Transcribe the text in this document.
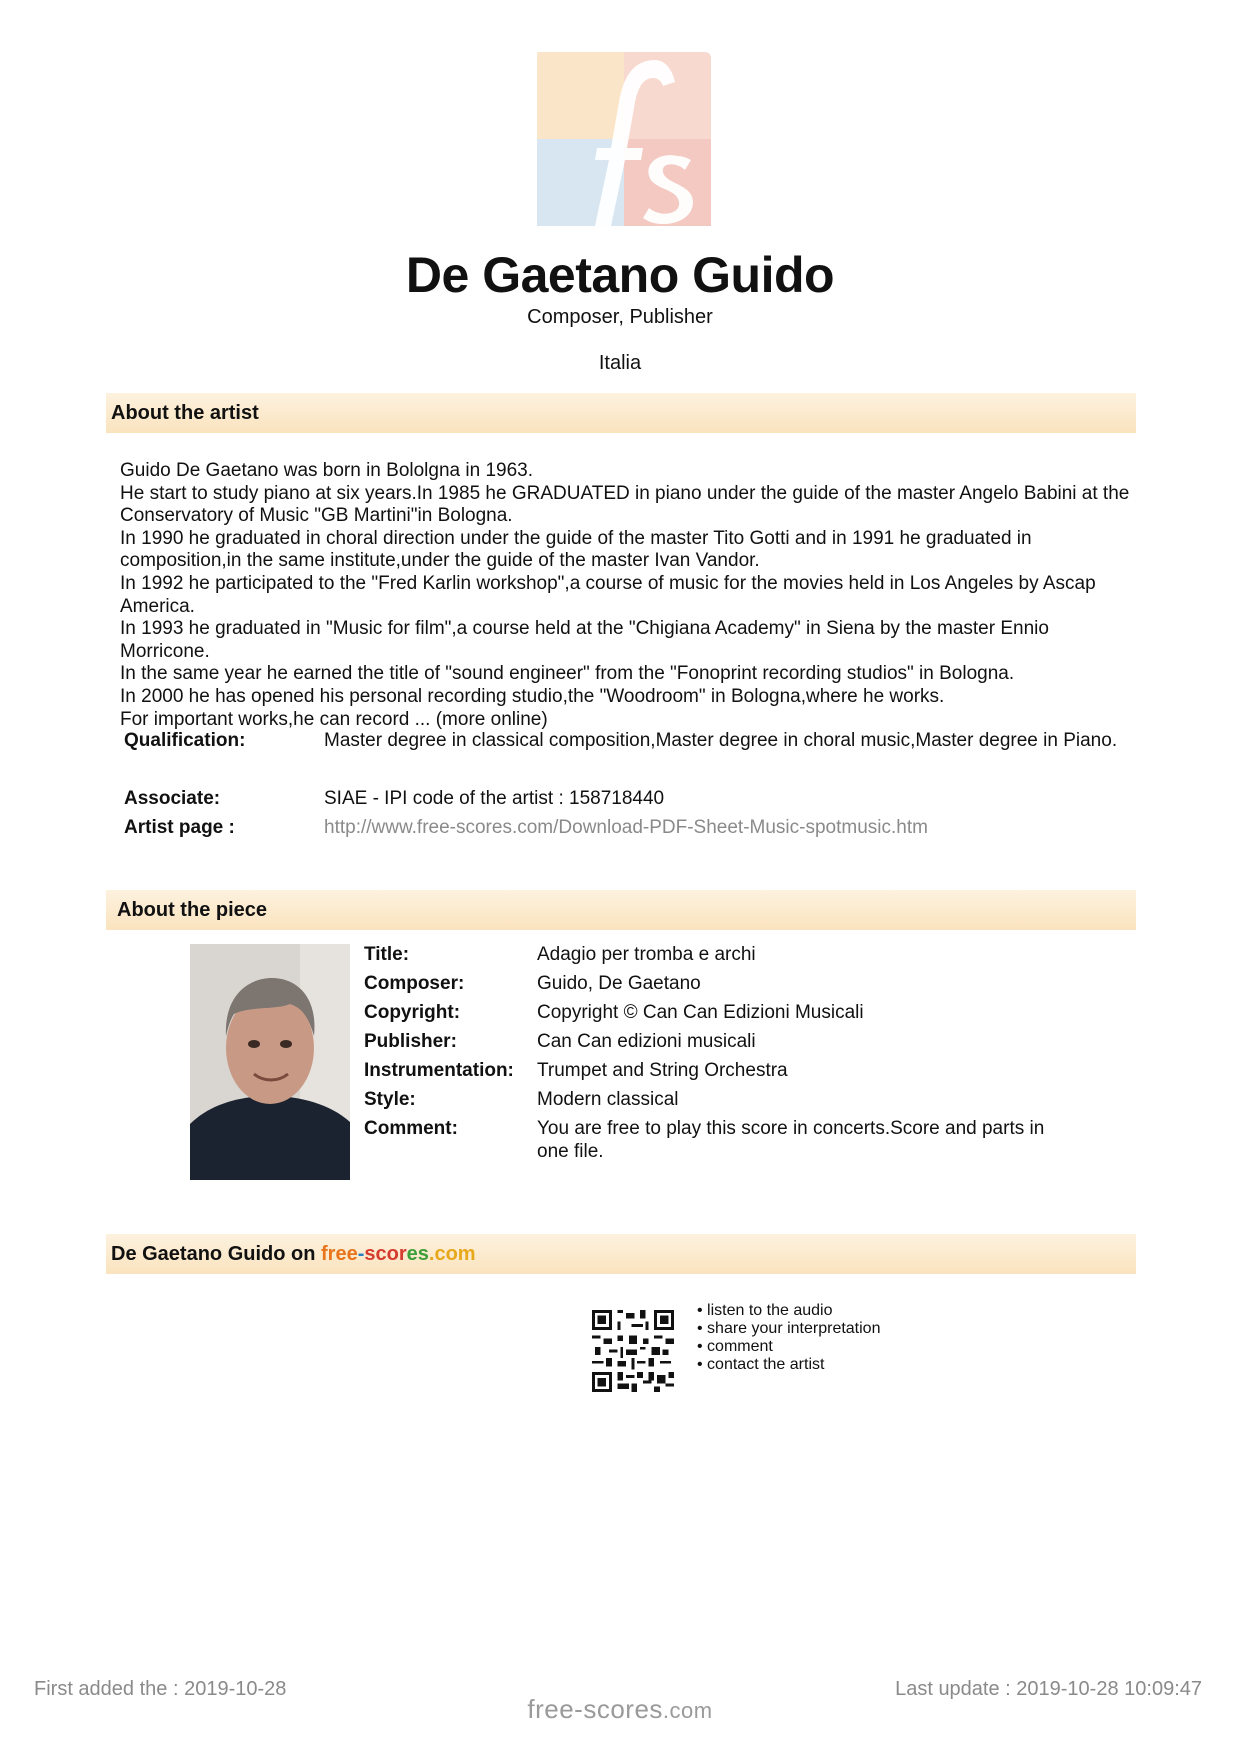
De Gaetano Guido
Composer, Publisher
Italia
About the artist

Guido De Gaetano was born in Bololgna in 1963.

He start to study piano at six years.In 1985 he GRADUATED in piano under the guide of the master Angelo Babini at the Conservatory of Music "GB Martini"in Bologna.

In 1990 he graduated in choral direction under the guide of the master Tito Gotti and in 1991 he graduated in composition,in the same institute,under the guide of the master Ivan Vandor.

In 1992 he participated to the "Fred Karlin workshop",a course of music for the movies held in Los Angeles by Ascap America.

In 1993 he graduated in "Music for film",a course held at the "Chigiana Academy" in Siena by the master Ennio Morricone.

In the same year he earned the title of "sound engineer" from the "Fonoprint recording studios" in Bologna.

In 2000 he has opened his personal recording studio,the "Woodroom" in Bologna,where he works.

For important works,he can record ... (more online)

Qualification:	Master degree in classical composition,Master degree in choral music,Master degree in Piano.
Associate:	SIAE - IPI code of the artist : 158718440
Artist page :	http://www.free-scores.com/Download-PDF-Sheet-Music-spotmusic.htm
About the piece
Title:	Adagio per tromba e archi
Composer:	Guido, De Gaetano
Copyright:	Copyright © Can Can Edizioni Musicali
Publisher:	Can Can edizioni musicali
Instrumentation: Trumpet and String Orchestra
Style:	Modern classical
Comment:	You are free to play this score in concerts.Score and parts in one file.
De Gaetano Guido on free-scores.com
• listen to the audio
• share your interpretation
• comment
• contact the artist
First added the : 2019-10-28	Last update : 2019-10-28 10:09:47
free-scores.com
